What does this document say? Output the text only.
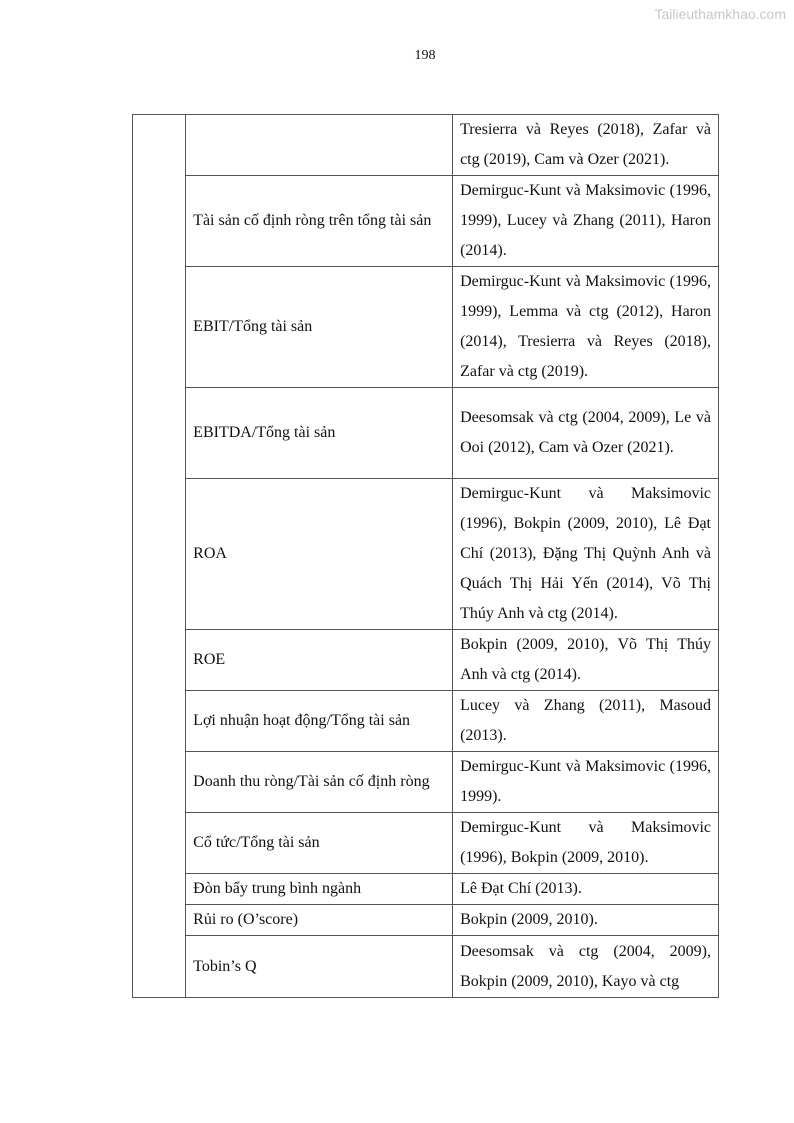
Tailieuthamkhao.com
198
		Tresierra và Reyes (2018), Zafar và ctg (2019), Cam và Ozer (2021).
	Tài sản cố định ròng trên tổng tài sản	Demirguc-Kunt và Maksimovic (1996, 1999), Lucey và Zhang (2011), Haron (2014).
	EBIT/Tổng tài sản	Demirguc-Kunt và Maksimovic (1996, 1999), Lemma và ctg (2012), Haron (2014), Tresierra và Reyes (2018), Zafar và ctg (2019).
	EBITDA/Tổng tài sản	Deesomsak và ctg (2004, 2009), Le và Ooi (2012), Cam và Ozer (2021).
	ROA	Demirguc-Kunt và Maksimovic (1996), Bokpin (2009, 2010), Lê Đạt Chí (2013), Đặng Thị Quỳnh Anh và Quách Thị Hải Yến (2014), Võ Thị Thúy Anh và ctg (2014).
	ROE	Bokpin (2009, 2010), Võ Thị Thúy Anh và ctg (2014).
	Lợi nhuận hoạt động/Tổng tài sản	Lucey và Zhang (2011), Masoud (2013).
	Doanh thu ròng/Tài sản cố định ròng	Demirguc-Kunt và Maksimovic (1996, 1999).
	Cổ tức/Tổng tài sản	Demirguc-Kunt và Maksimovic (1996), Bokpin (2009, 2010).
	Đòn bẩy trung bình ngành	Lê Đạt Chí (2013).
	Rủi ro (O’score)	Bokpin (2009, 2010).
	Tobin’s Q	Deesomsak và ctg (2004, 2009), Bokpin (2009, 2010), Kayo và ctg
